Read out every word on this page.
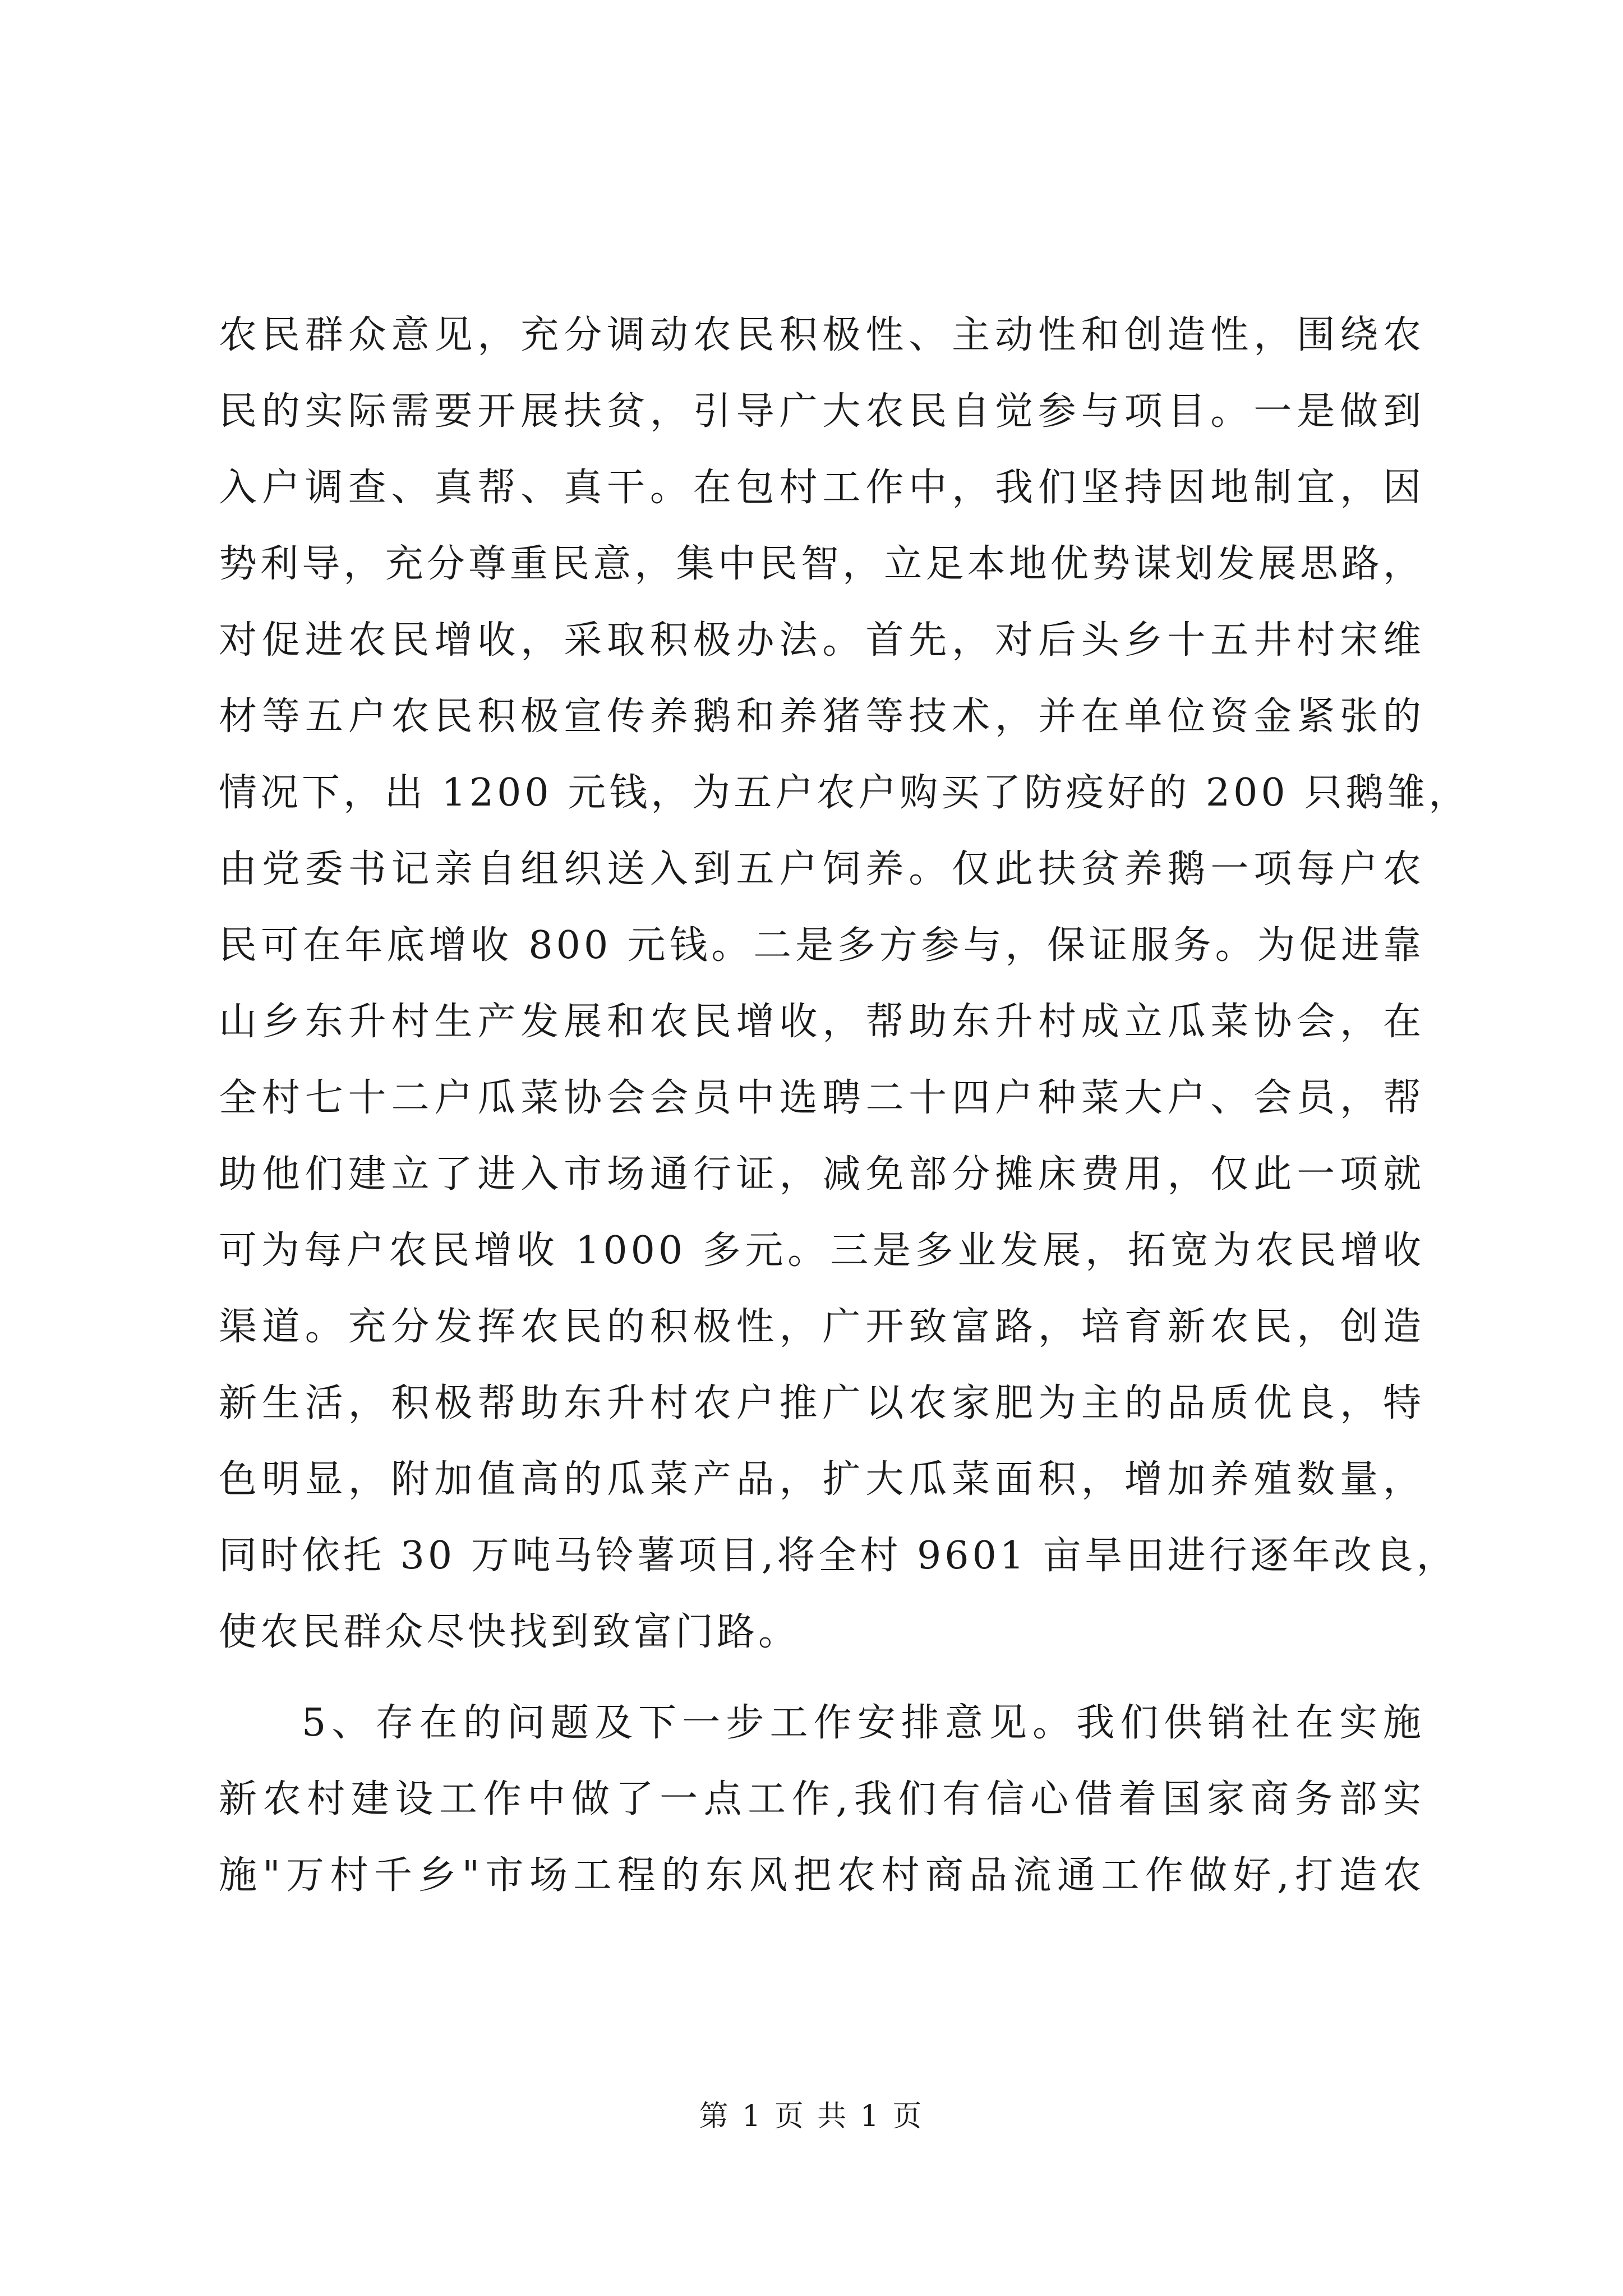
农民群众意见，充分调动农民积极性、主动性和创造性，围绕农
民的实际需要开展扶贫，引导广大农民自觉参与项目。一是做到
入户调查、真帮、真干。在包村工作中，我们坚持因地制宜，因
势利导，充分尊重民意，集中民智，立足本地优势谋划发展思路，
对促进农民增收，采取积极办法。首先，对后头乡十五井村宋维
材等五户农民积极宣传养鹅和养猪等技术，并在单位资金紧张的
情况下，出 1200 元钱，为五户农户购买了防疫好的 200 只鹅雏，
由党委书记亲自组织送入到五户饲养。仅此扶贫养鹅一项每户农
民可在年底增收 800 元钱。二是多方参与，保证服务。为促进靠
山乡东升村生产发展和农民增收，帮助东升村成立瓜菜协会，在
全村七十二户瓜菜协会会员中选聘二十四户种菜大户、会员，帮
助他们建立了进入市场通行证，减免部分摊床费用，仅此一项就
可为每户农民增收 1000 多元。三是多业发展，拓宽为农民增收
渠道。充分发挥农民的积极性，广开致富路，培育新农民，创造
新生活，积极帮助东升村农户推广以农家肥为主的品质优良，特
色明显，附加值高的瓜菜产品，扩大瓜菜面积，增加养殖数量，
同时依托 30 万吨马铃薯项目,将全村 9601 亩旱田进行逐年改良，
使农民群众尽快找到致富门路。
5、存在的问题及下一步工作安排意见。我们供销社在实施
新农村建设工作中做了一点工作,我们有信心借着国家商务部实
施"万村千乡"市场工程的东风把农村商品流通工作做好,打造农
第 1 页 共 1 页
